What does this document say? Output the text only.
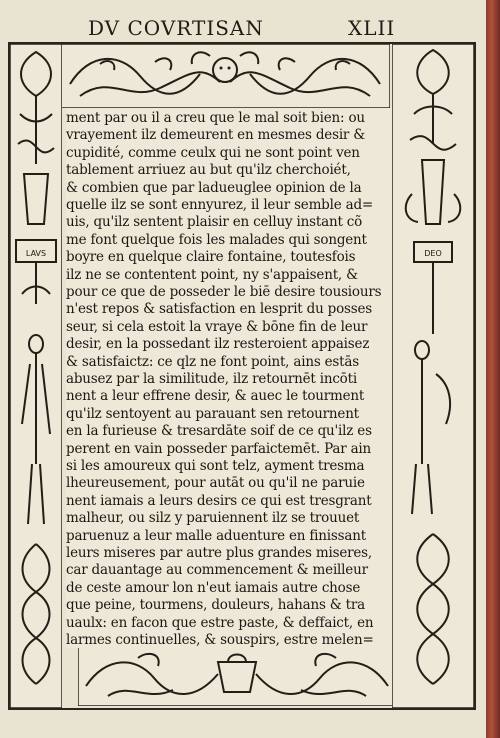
DV COVRTISAN	XLII
LAVS	DEO
ment par ou il a creu que le mal soit bien: ou
vrayement ilz demeurent en mesmes desir &
cupidité, comme ceulx qui ne sont point ven
tablement arriuez au but qu'ilz cherchoiét,
& combien que par ladueuglee opinion de la
quelle ilz se sont ennyurez, il leur semble ad=
uis, qu'ilz sentent plaisir en celluy instant cõ
me font quelque fois les malades qui songent
boyre en quelque claire fontaine, toutesfois
ilz ne se contentent point, ny s'appaisent, &
pour ce que de posseder le biē desire tousiours
n'est repos & satisfaction en lesprit du posses
seur, si cela estoit la vraye & bōne fin de leur
desir, en la possedant ilz resteroient appaisez
& satisfaictz: ce qlz ne font point, ains estās
abusez par la similitude, ilz retournēt incōti
nent a leur effrene desir, & auec le tourment
qu'ilz sentoyent au parauant sen retournent
en la furieuse & tresardāte soif de ce qu'ilz es
perent en vain posseder parfaictemēt. Par ain
si les amoureux qui sont telz, ayment tresma
lheureusement, pour autāt ou qu'il ne paruie
nent iamais a leurs desirs ce qui est tresgrant
malheur, ou silz y paruiennent ilz se trouuet
paruenuz a leur malle aduenture en finissant
leurs miseres par autre plus grandes miseres,
car dauantage au commencement & meilleur
de ceste amour lon n'eut iamais autre chose
que peine, tourmens, douleurs, hahans & tra
uaulx: en facon que estre paste, & deffaict, en
larmes continuelles, & souspirs, estre melen=
